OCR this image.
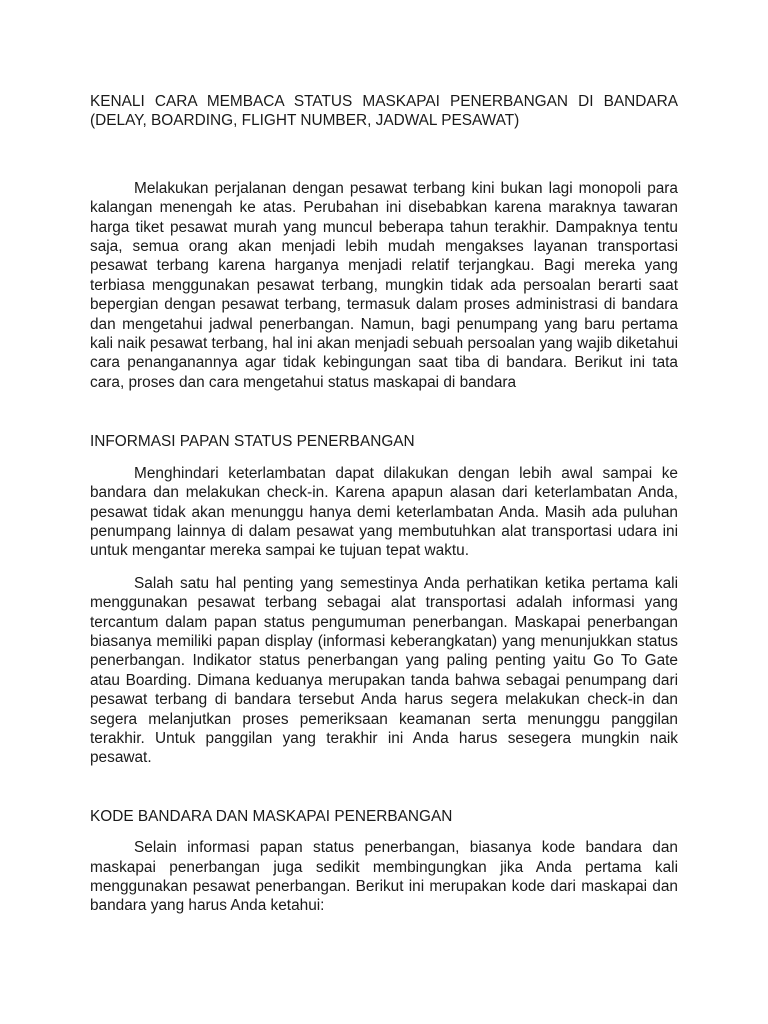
KENALI CARA MEMBACA STATUS MASKAPAI PENERBANGAN DI BANDARA
(DELAY, BOARDING, FLIGHT NUMBER, JADWAL PESAWAT)

Melakukan perjalanan dengan pesawat terbang kini bukan lagi monopoli para kalangan menengah ke atas. Perubahan ini disebabkan karena maraknya tawaran harga tiket pesawat murah yang muncul beberapa tahun terakhir. Dampaknya tentu saja, semua orang akan menjadi lebih mudah mengakses layanan transportasi pesawat terbang karena harganya menjadi relatif terjangkau. Bagi mereka yang terbiasa menggunakan pesawat terbang, mungkin tidak ada persoalan berarti saat bepergian dengan pesawat terbang, termasuk dalam proses administrasi di bandara dan mengetahui jadwal penerbangan. Namun, bagi penumpang yang baru pertama kali naik pesawat terbang, hal ini akan menjadi sebuah persoalan yang wajib diketahui cara penanganannya agar tidak kebingungan saat tiba di bandara. Berikut ini tata cara, proses dan cara mengetahui status maskapai di bandara

INFORMASI PAPAN STATUS PENERBANGAN

Menghindari keterlambatan dapat dilakukan dengan lebih awal sampai ke bandara dan melakukan check-in. Karena apapun alasan dari keterlambatan Anda, pesawat tidak akan menunggu hanya demi keterlambatan Anda. Masih ada puluhan penumpang lainnya di dalam pesawat yang membutuhkan alat transportasi udara ini untuk mengantar mereka sampai ke tujuan tepat waktu.

Salah satu hal penting yang semestinya Anda perhatikan ketika pertama kali menggunakan pesawat terbang sebagai alat transportasi adalah informasi yang tercantum dalam papan status pengumuman penerbangan. Maskapai penerbangan biasanya memiliki papan display (informasi keberangkatan) yang menunjukkan status penerbangan. Indikator status penerbangan yang paling penting yaitu Go To Gate atau Boarding. Dimana keduanya merupakan tanda bahwa sebagai penumpang dari pesawat terbang di bandara tersebut Anda harus segera melakukan check-in dan segera melanjutkan proses pemeriksaan keamanan serta menunggu panggilan terakhir. Untuk panggilan yang terakhir ini Anda harus sesegera mungkin naik pesawat.

KODE BANDARA DAN MASKAPAI PENERBANGAN

Selain informasi papan status penerbangan, biasanya kode bandara dan maskapai penerbangan juga sedikit membingungkan jika Anda pertama kali menggunakan pesawat penerbangan. Berikut ini merupakan kode dari maskapai dan bandara yang harus Anda ketahui:
